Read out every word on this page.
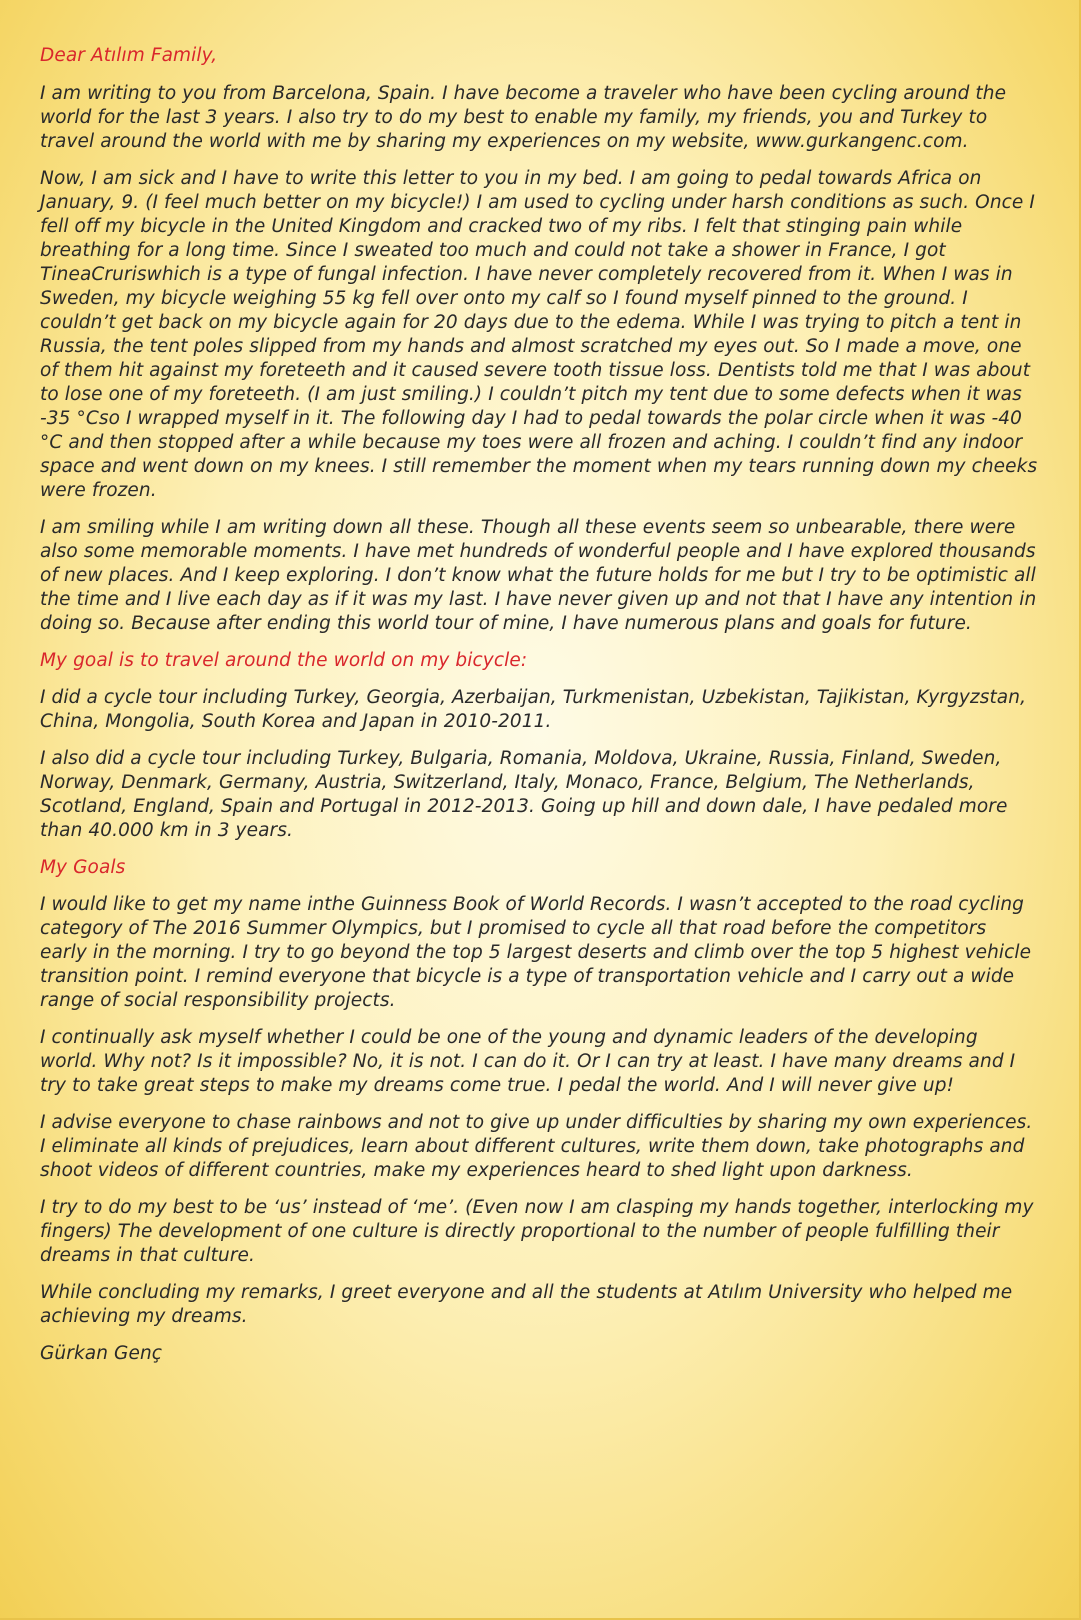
Dear Atılım Family,

I am writing to you from Barcelona, Spain. I have become a traveler who have been cycling around the world for the last 3 years. I also try to do my best to enable my family, my friends, you and Turkey to travel around the world with me by sharing my experiences on my website, www.gurkangenc.com.

Now, I am sick and I have to write this letter to you in my bed. I am going to pedal towards Africa on January, 9. (I feel much better on my bicycle!) I am used to cycling under harsh conditions as such. Once I fell off my bicycle in the United Kingdom and cracked two of my ribs. I felt that stinging pain while breathing for a long time. Since I sweated too much and could not take a shower in France, I got TineaCruriswhich is a type of fungal infection. I have never completely recovered from it. When I was in Sweden, my bicycle weighing 55 kg fell over onto my calf so I found myself pinned to the ground. I couldn’t get back on my bicycle again for 20 days due to the edema. While I was trying to pitch a tent in Russia, the tent poles slipped from my hands and almost scratched my eyes out. So I made a move, one of them hit against my foreteeth and it caused severe tooth tissue loss. Dentists told me that I was about to lose one of my foreteeth. (I am just smiling.) I couldn’t pitch my tent due to some defects when it was -35 °Cso I wrapped myself in it. The following day I had to pedal towards the polar circle when it was -40 °C and then stopped after a while because my toes were all frozen and aching. I couldn’t find any indoor space and went down on my knees. I still remember the moment when my tears running down my cheeks were frozen.

I am smiling while I am writing down all these. Though all these events seem so unbearable, there were also some memorable moments. I have met hundreds of wonderful people and I have explored thousands of new places. And I keep exploring. I don’t know what the future holds for me but I try to be optimistic all the time and I live each day as if it was my last. I have never given up and not that I have any intention in doing so. Because after ending this world tour of mine, I have numerous plans and goals for future.

My goal is to travel around the world on my bicycle:

I did a cycle tour including Turkey, Georgia, Azerbaijan, Turkmenistan, Uzbekistan, Tajikistan, Kyrgyzstan, China, Mongolia, South Korea and Japan in 2010-2011.

I also did a cycle tour including Turkey, Bulgaria, Romania, Moldova, Ukraine, Russia, Finland, Sweden, Norway, Denmark, Germany, Austria, Switzerland, Italy, Monaco, France, Belgium, The Netherlands, Scotland, England, Spain and Portugal in 2012-2013. Going up hill and down dale, I have pedaled more than 40.000 km in 3 years.

My Goals

I would like to get my name inthe Guinness Book of World Records. I wasn’t accepted to the road cycling category of The 2016 Summer Olympics, but I promised to cycle all that road before the competitors early in the morning. I try to go beyond the top 5 largest deserts and climb over the top 5 highest vehicle transition point. I remind everyone that bicycle is a type of transportation vehicle and I carry out a wide range of social responsibility projects.

I continually ask myself whether I could be one of the young and dynamic leaders of the developing world. Why not? Is it impossible? No, it is not. I can do it. Or I can try at least. I have many dreams and I try to take great steps to make my dreams come true. I pedal the world. And I will never give up!

I advise everyone to chase rainbows and not to give up under difficulties by sharing my own experiences. I eliminate all kinds of prejudices, learn about different cultures, write them down, take photographs and shoot videos of different countries, make my experiences heard to shed light upon darkness.

I try to do my best to be ‘us’ instead of ‘me’. (Even now I am clasping my hands together, interlocking my fingers) The development of one culture is directly proportional to the number of people fulfilling their dreams in that culture.

While concluding my remarks, I greet everyone and all the students at Atılım University who helped me achieving my dreams.

Gürkan Genç
